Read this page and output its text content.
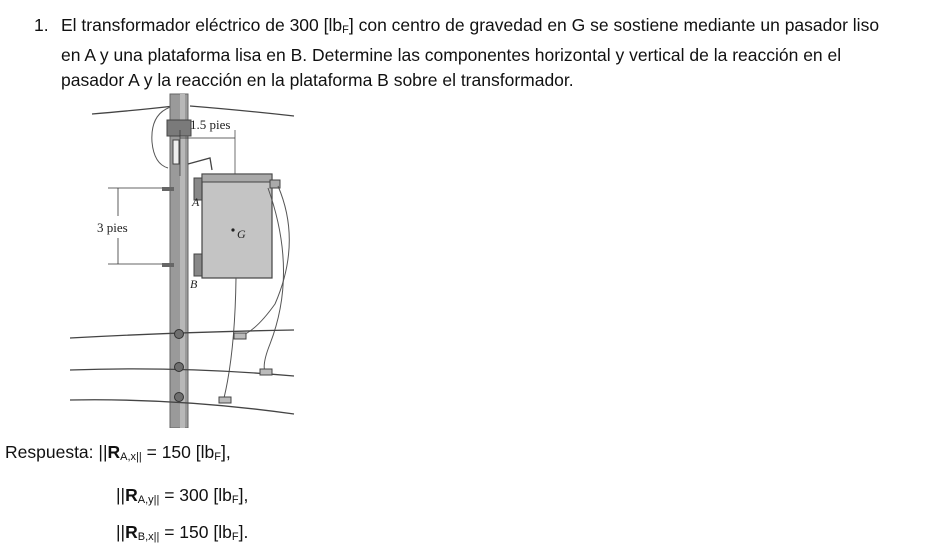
1. El transformador eléctrico de 300 [lbF] con centro de gravedad en G se sostiene mediante un pasador liso en A y una plataforma lisa en B. Determine las componentes horizontal y vertical de la reacción en el pasador A y la reacción en la plataforma B sobre el transformador.
1.5 pies
G
A
B
3 pies
Respuesta: ||RA,x|| = 150 [lbF],
||RA,y|| = 300 [lbF],
||RB,x|| = 150 [lbF].
